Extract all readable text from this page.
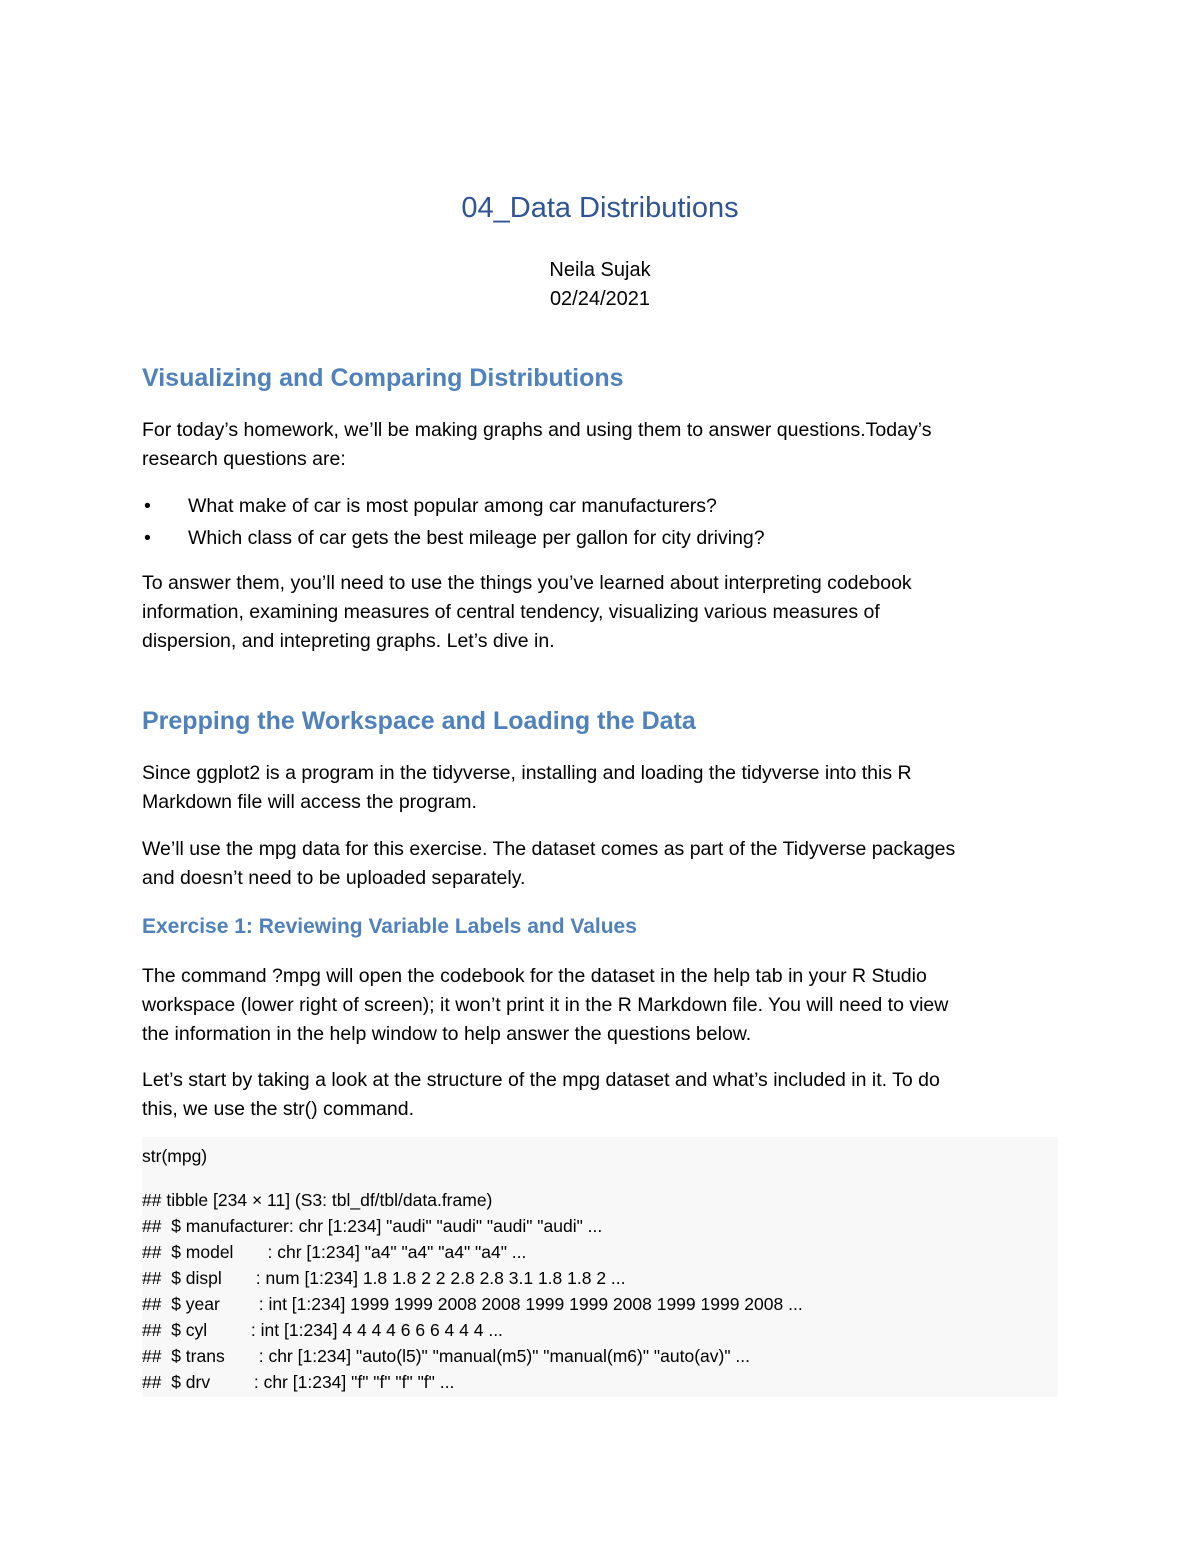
04_Data Distributions

Neila Sujak

02/24/2021

Visualizing and Comparing Distributions

For today’s homework, we’ll be making graphs and using them to answer questions.Today’s
research questions are:

• What make of car is most popular among car manufacturers?
• Which class of car gets the best mileage per gallon for city driving?

To answer them, you’ll need to use the things you’ve learned about interpreting codebook
information, examining measures of central tendency, visualizing various measures of
dispersion, and intepreting graphs. Let’s dive in.

Prepping the Workspace and Loading the Data

Since ggplot2 is a program in the tidyverse, installing and loading the tidyverse into this R
Markdown file will access the program.

We’ll use the mpg data for this exercise. The dataset comes as part of the Tidyverse packages
and doesn’t need to be uploaded separately.

Exercise 1: Reviewing Variable Labels and Values

The command ?mpg will open the codebook for the dataset in the help tab in your R Studio
workspace (lower right of screen); it won’t print it in the R Markdown file. You will need to view
the information in the help window to help answer the questions below.

Let’s start by taking a look at the structure of the mpg dataset and what’s included in it. To do
this, we use the str() command.

str(mpg)
## tibble [234 × 11] (S3: tbl_df/tbl/data.frame)
##  $ manufacturer: chr [1:234] "audi" "audi" "audi" "audi" ...
##  $ model       : chr [1:234] "a4" "a4" "a4" "a4" ...
##  $ displ       : num [1:234] 1.8 1.8 2 2 2.8 2.8 3.1 1.8 1.8 2 ...
##  $ year        : int [1:234] 1999 1999 2008 2008 1999 1999 2008 1999 1999 2008 ...
##  $ cyl         : int [1:234] 4 4 4 4 6 6 6 4 4 4 ...
##  $ trans       : chr [1:234] "auto(l5)" "manual(m5)" "manual(m6)" "auto(av)" ...
##  $ drv         : chr [1:234] "f" "f" "f" "f" ...
